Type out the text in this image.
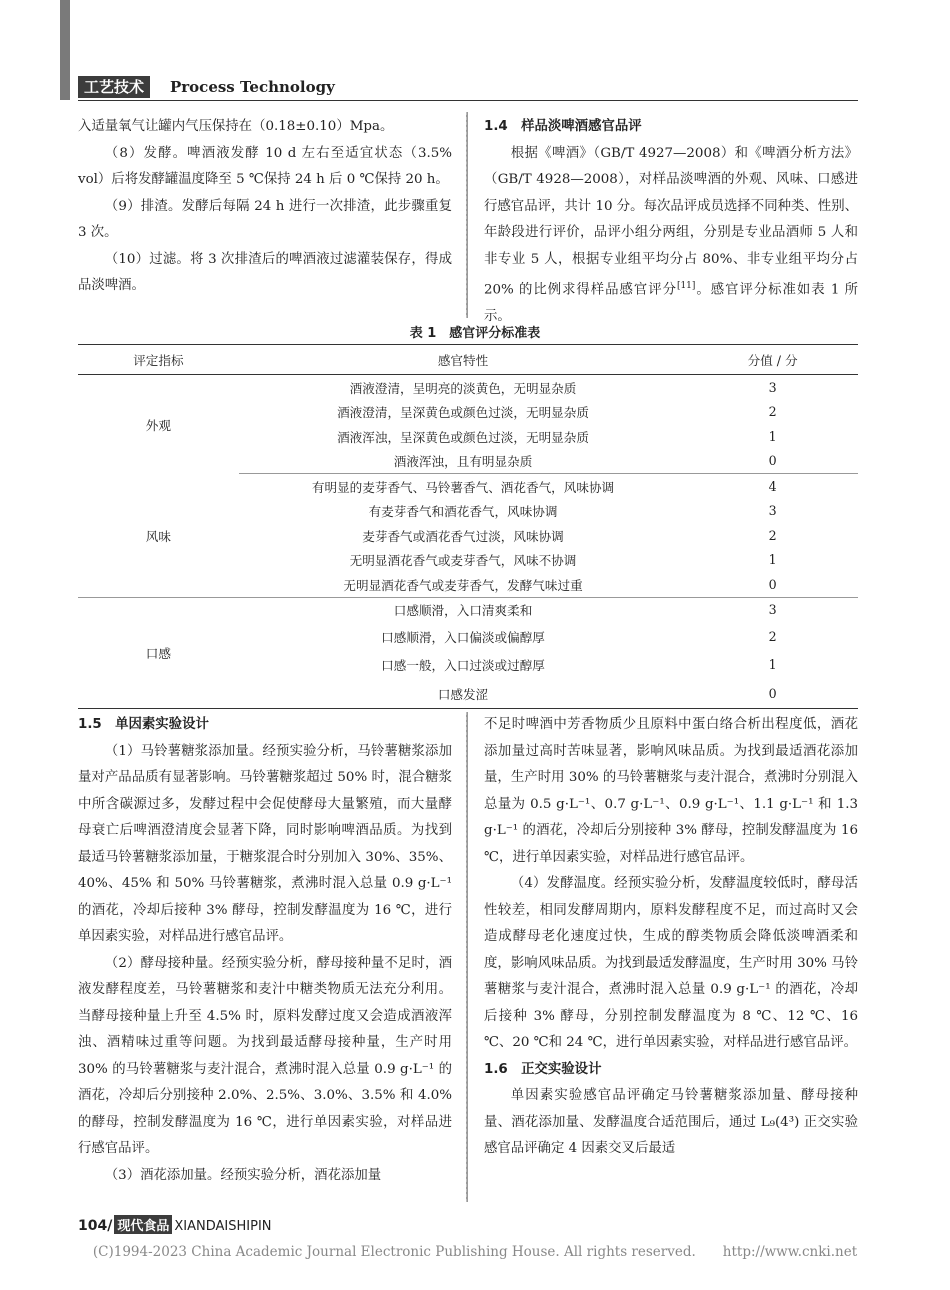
工艺技术	Process Technology

入适量氧气让罐内气压保持在（0.18±0.10）Mpa。

（8）发酵。啤酒液发酵 10 d 左右至适宜状态（3.5% vol）后将发酵罐温度降至 5 ℃保持 24 h 后 0 ℃保持 20 h。

（9）排渣。发酵后每隔 24 h 进行一次排渣，此步骤重复 3 次。

（10）过滤。将 3 次排渣后的啤酒液过滤灌装保存，得成品淡啤酒。

1.4　样品淡啤酒感官品评

根据《啤酒》（GB/T 4927—2008）和《啤酒分析方法》（GB/T 4928—2008），对样品淡啤酒的外观、风味、口感进行感官品评，共计 10 分。每次品评成员选择不同种类、性别、年龄段进行评价，品评小组分两组，分别是专业品酒师 5 人和非专业 5 人，根据专业组平均分占 80%、非专业组平均分占 20% 的比例求得样品感官评分[11]。感官评分标准如表 1 所示。

表 1　感官评分标准表
评定指标	感官特性	分值 / 分
外观	酒液澄清，呈明亮的淡黄色，无明显杂质	3
	酒液澄清，呈深黄色或颜色过淡，无明显杂质	2
	酒液浑浊，呈深黄色或颜色过淡，无明显杂质	1
	酒液浑浊，且有明显杂质	0
风味	有明显的麦芽香气、马铃薯香气、酒花香气，风味协调	4
	有麦芽香气和酒花香气，风味协调	3
	麦芽香气或酒花香气过淡，风味协调	2
	无明显酒花香气或麦芽香气，风味不协调	1
	无明显酒花香气或麦芽香气，发酵气味过重	0
口感	口感顺滑，入口清爽柔和	3
	口感顺滑，入口偏淡或偏醇厚	2
	口感一般，入口过淡或过醇厚	1
	口感发涩	0

1.5　单因素实验设计

（1）马铃薯糖浆添加量。经预实验分析，马铃薯糖浆添加量对产品品质有显著影响。马铃薯糖浆超过 50% 时，混合糖浆中所含碳源过多，发酵过程中会促使酵母大量繁殖，而大量酵母衰亡后啤酒澄清度会显著下降，同时影响啤酒品质。为找到最适马铃薯糖浆添加量，于糖浆混合时分别加入 30%、35%、40%、45% 和 50% 马铃薯糖浆，煮沸时混入总量 0.9 g·L⁻¹ 的酒花，冷却后接种 3% 酵母，控制发酵温度为 16 ℃，进行单因素实验，对样品进行感官品评。

（2）酵母接种量。经预实验分析，酵母接种量不足时，酒液发酵程度差，马铃薯糖浆和麦汁中糖类物质无法充分利用。当酵母接种量上升至 4.5% 时，原料发酵过度又会造成酒液浑浊、酒精味过重等问题。为找到最适酵母接种量，生产时用 30% 的马铃薯糖浆与麦汁混合，煮沸时混入总量 0.9 g·L⁻¹ 的酒花，冷却后分别接种 2.0%、2.5%、3.0%、3.5% 和 4.0% 的酵母，控制发酵温度为 16 ℃，进行单因素实验，对样品进行感官品评。

（3）酒花添加量。经预实验分析，酒花添加量

不足时啤酒中芳香物质少且原料中蛋白络合析出程度低，酒花添加量过高时苦味显著，影响风味品质。为找到最适酒花添加量，生产时用 30% 的马铃薯糖浆与麦汁混合，煮沸时分别混入总量为 0.5 g·L⁻¹、0.7 g·L⁻¹、0.9 g·L⁻¹、1.1 g·L⁻¹ 和 1.3 g·L⁻¹ 的酒花，冷却后分别接种 3% 酵母，控制发酵温度为 16 ℃，进行单因素实验，对样品进行感官品评。

（4）发酵温度。经预实验分析，发酵温度较低时，酵母活性较差，相同发酵周期内，原料发酵程度不足，而过高时又会造成酵母老化速度过快，生成的醇类物质会降低淡啤酒柔和度，影响风味品质。为找到最适发酵温度，生产时用 30% 马铃薯糖浆与麦汁混合，煮沸时混入总量 0.9 g·L⁻¹ 的酒花，冷却后接种 3% 酵母，分别控制发酵温度为 8 ℃、12 ℃、16 ℃、20 ℃和 24 ℃，进行单因素实验，对样品进行感官品评。

1.6　正交实验设计

单因素实验感官品评确定马铃薯糖浆添加量、酵母接种量、酒花添加量、发酵温度合适范围后，通过 L₉(4³) 正交实验感官品评确定 4 因素交叉后最适

104/ 现代食品 XIANDAISHIPIN
(C)1994-2023 China Academic Journal Electronic Publishing House. All rights reserved.　　http://www.cnki.net
